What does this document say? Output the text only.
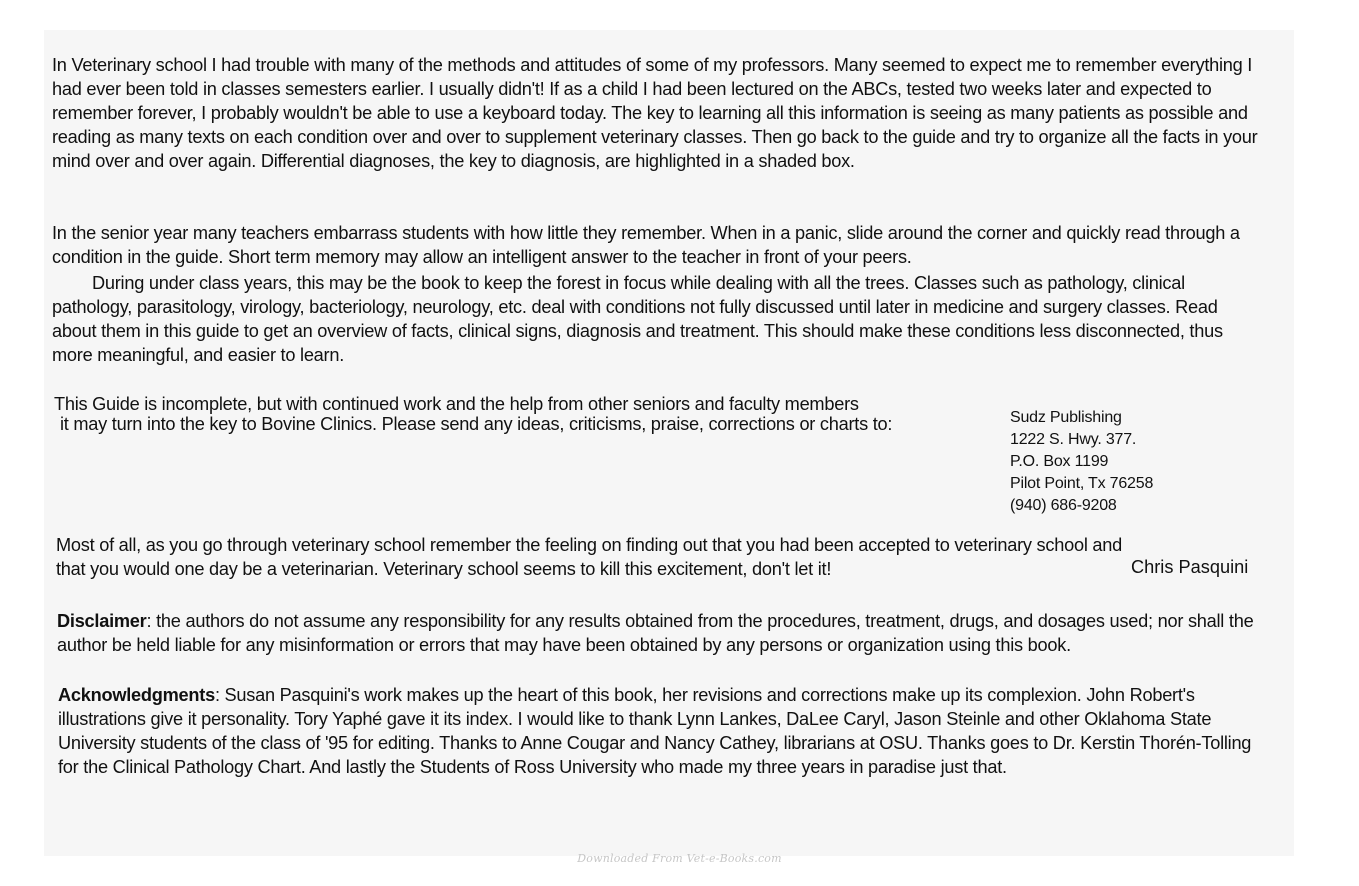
In Veterinary school I had trouble with many of the methods and attitudes of some of my professors. Many seemed to expect me to remember everything I had ever been told in classes semesters earlier. I usually didn't! If as a child I had been lectured on the ABCs, tested two weeks later and expected to remember forever, I probably wouldn't be able to use a keyboard today. The key to learning all this information is seeing as many patients as possible and reading as many texts on each condition over and over to supplement veterinary classes. Then go back to the guide and try to organize all the facts in your mind over and over again. Differential diagnoses, the key to diagnosis, are highlighted in a shaded box.

In the senior year many teachers embarrass students with how little they remember. When in a panic, slide around the corner and quickly read through a condition in the guide. Short term memory may allow an intelligent answer to the teacher in front of your peers.

During under class years, this may be the book to keep the forest in focus while dealing with all the trees. Classes such as pathology, clinical pathology, parasitology, virology, bacteriology, neurology, etc. deal with conditions not fully discussed until later in medicine and surgery classes. Read about them in this guide to get an overview of facts, clinical signs, diagnosis and treatment. This should make these conditions less disconnected, thus more meaningful, and easier to learn.

This Guide is incomplete, but with continued work and the help from other seniors and faculty members
it may turn into the key to Bovine Clinics. Please send any ideas, criticisms, praise, corrections or charts to:	Sudz Publishing
1222 S. Hwy. 377.
P.O. Box 1199
Pilot Point, Tx 76258
(940) 686-9208

Most of all, as you go through veterinary school remember the feeling on finding out that you had been accepted to veterinary school and that you would one day be a veterinarian. Veterinary school seems to kill this excitement, don't let it!	Chris Pasquini

Disclaimer: the authors do not assume any responsibility for any results obtained from the procedures, treatment, drugs, and dosages used; nor shall the author be held liable for any misinformation or errors that may have been obtained by any persons or organization using this book.

Acknowledgments: Susan Pasquini's work makes up the heart of this book, her revisions and corrections make up its complexion. John Robert's illustrations give it personality. Tory Yaphé gave it its index. I would like to thank Lynn Lankes, DaLee Caryl, Jason Steinle and other Oklahoma State University students of the class of '95 for editing. Thanks to Anne Cougar and Nancy Cathey, librarians at OSU. Thanks goes to Dr. Kerstin Thorén-Tolling for the Clinical Pathology Chart. And lastly the Students of Ross University who made my three years in paradise just that.

Downloaded From Vet-e-Books.com
